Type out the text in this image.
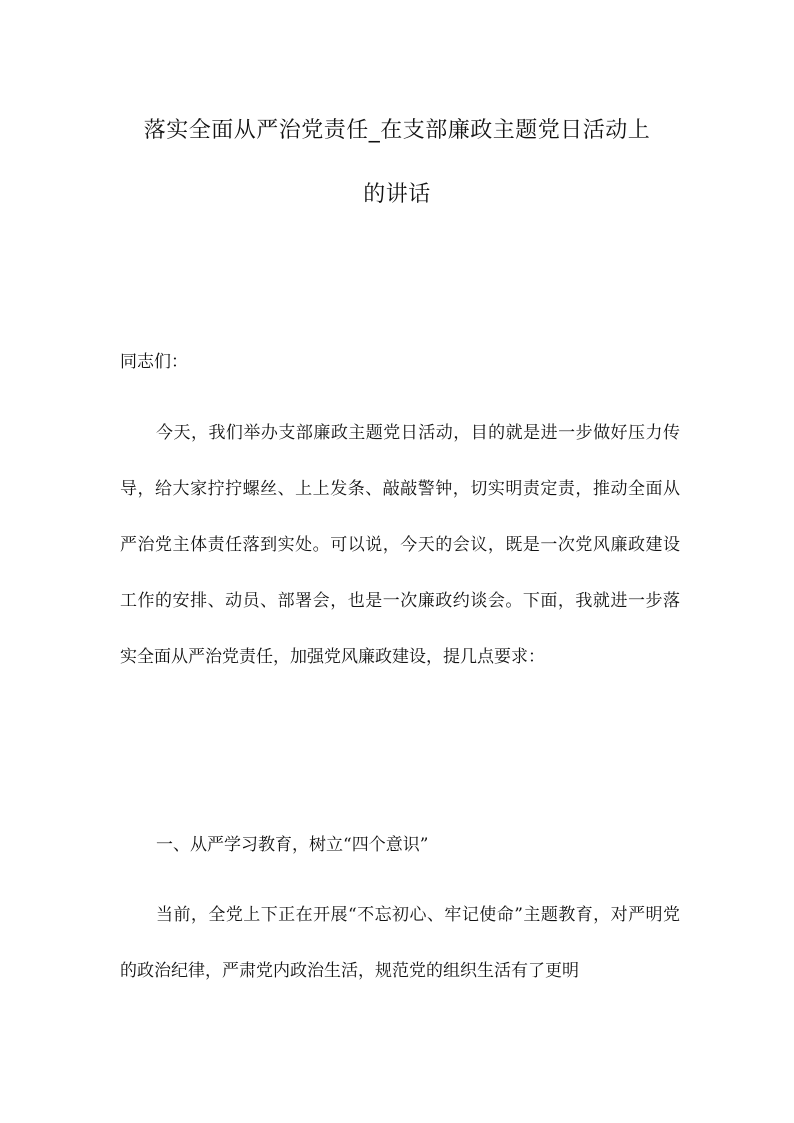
落实全面从严治党责任_在支部廉政主题党日活动上
的讲话

同志们：

今天，我们举办支部廉政主题党日活动，目的就是进一步做好压力传导，给大家拧拧螺丝、上上发条、敲敲警钟，切实明责定责，推动全面从严治党主体责任落到实处。可以说，今天的会议，既是一次党风廉政建设工作的安排、动员、部署会，也是一次廉政约谈会。下面，我就进一步落实全面从严治党责任，加强党风廉政建设，提几点要求：

一、从严学习教育，树立“四个意识”

当前，全党上下正在开展“不忘初心、牢记使命”主题教育，对严明党的政治纪律，严肃党内政治生活，规范党的组织生活有了更明
